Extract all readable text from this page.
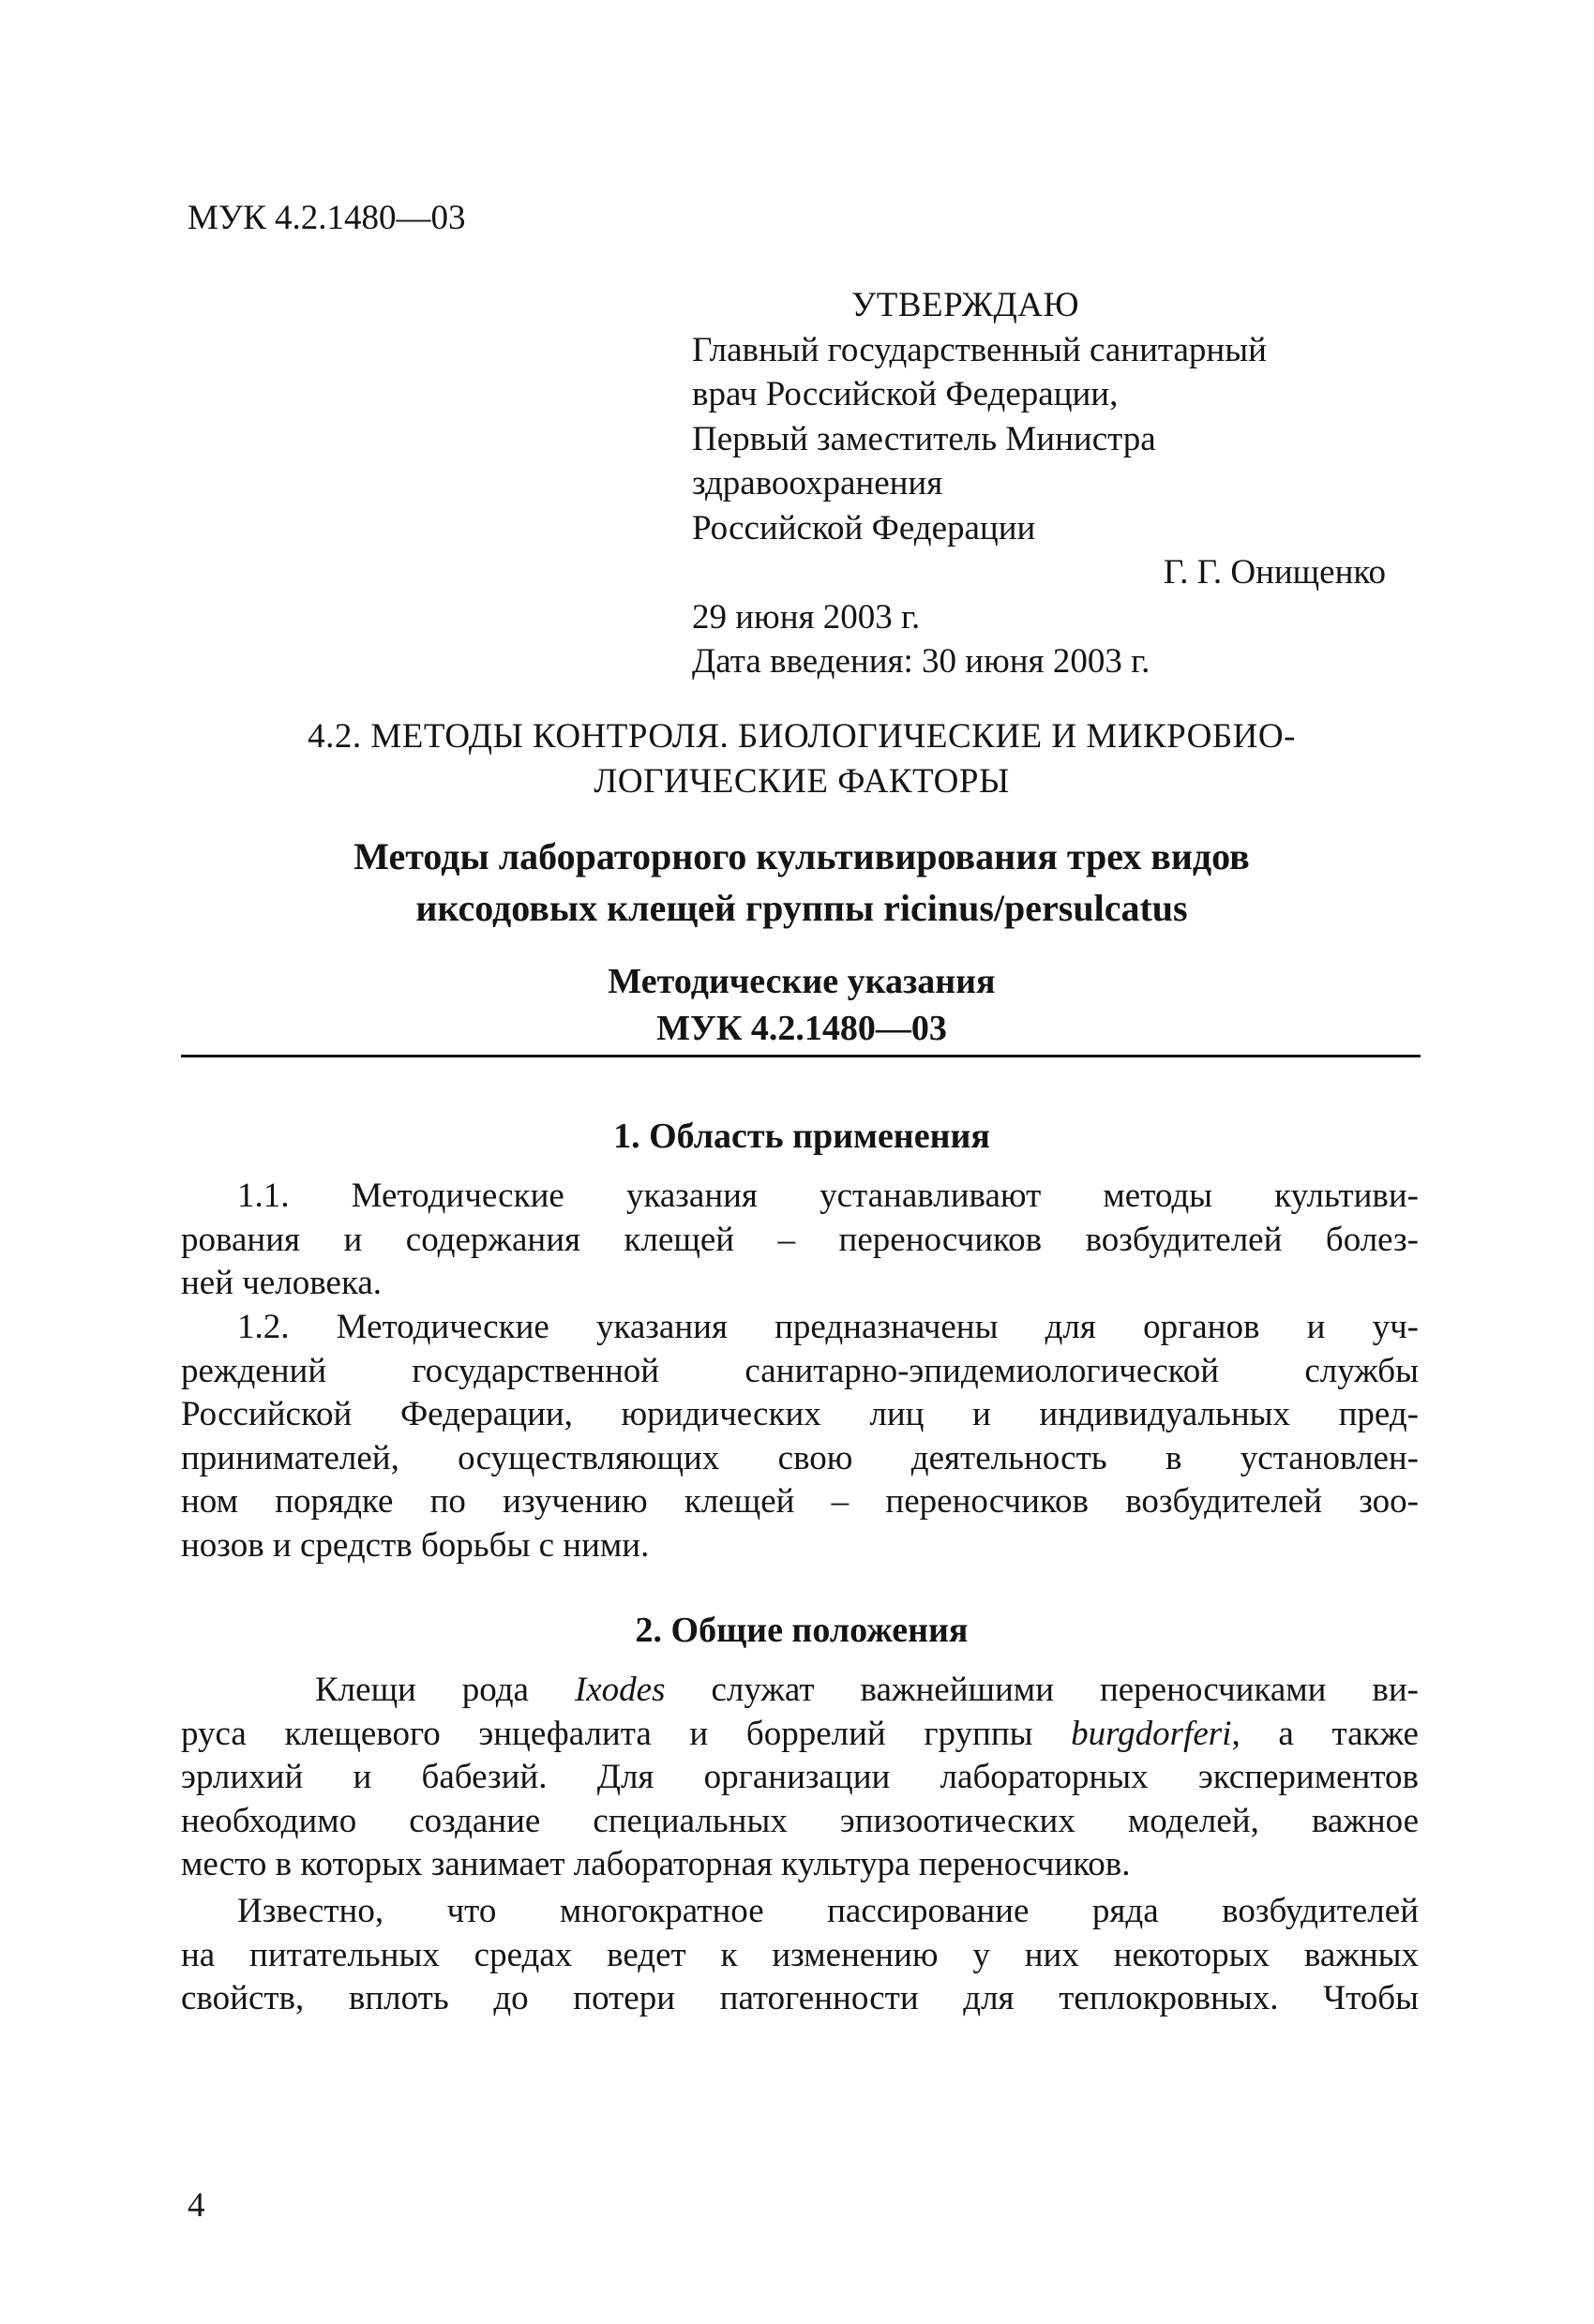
МУК 4.2.1480—03
УТВЕРЖДАЮ
Главный государственный санитарный
врач Российской Федерации,
Первый заместитель Министра
здравоохранения
Российской Федерации
Г. Г. Онищенко
29 июня 2003 г.
Дата введения: 30 июня 2003 г.
4.2. МЕТОДЫ КОНТРОЛЯ. БИОЛОГИЧЕСКИЕ И МИКРОБИО-
ЛОГИЧЕСКИЕ ФАКТОРЫ
Методы лабораторного культивирования трех видов
иксодовых клещей группы ricinus/persulcatus
Методические указания
МУК 4.2.1480—03
1. Область применения
1.1. Методические указания устанавливают методы культиви-
рования и содержания клещей – переносчиков возбудителей болез-
ней человека.
1.2. Методические указания предназначены для органов и уч-
реждений государственной санитарно-эпидемиологической службы
Российской Федерации, юридических лиц и индивидуальных пред-
принимателей, осуществляющих свою деятельность в установлен-
ном порядке по изучению клещей – переносчиков возбудителей зоо-
нозов и средств борьбы с ними.
2. Общие положения
Клещи рода Ixodes служат важнейшими переносчиками ви-
руса клещевого энцефалита и боррелий группы burgdorferi, а также
эрлихий и бабезий. Для организации лабораторных экспериментов
необходимо создание специальных эпизоотических моделей, важное
место в которых занимает лабораторная культура переносчиков.
Известно, что многократное пассирование ряда возбудителей
на питательных средах ведет к изменению у них некоторых важных
свойств, вплоть до потери патогенности для теплокровных. Чтобы
4
